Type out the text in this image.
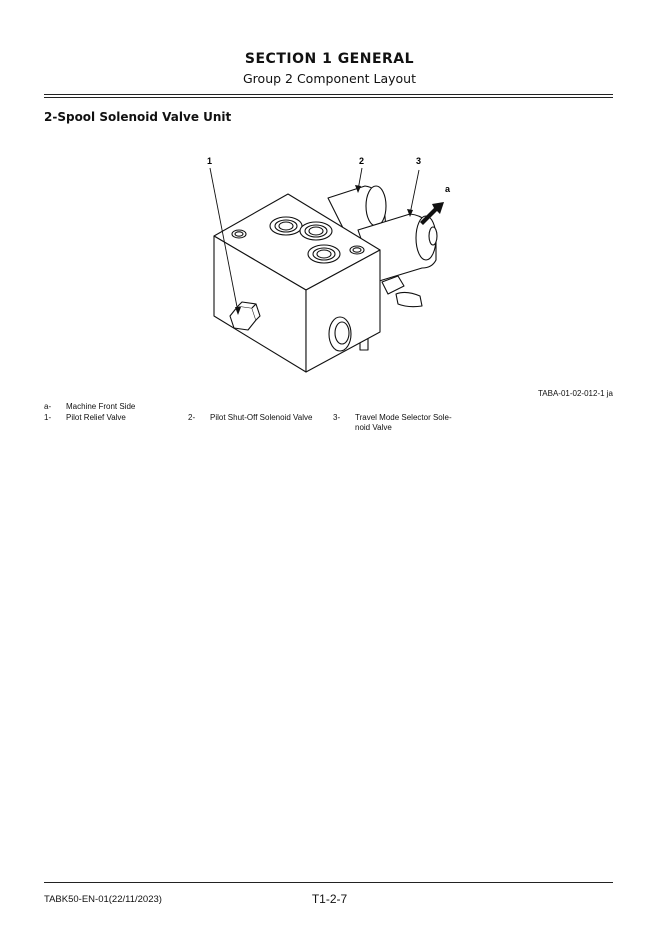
SECTION 1 GENERAL
Group 2 Component Layout
2-Spool Solenoid Valve Unit
1	2	3
a
TABA-01-02-012-1 ja
a- Machine Front Side
1- Pilot Relief Valve	2- Pilot Shut-Off Solenoid Valve	3- Travel Mode Selector Sole-noid Valve
TABK50-EN-01(22/11/2023)	T1-2-7
